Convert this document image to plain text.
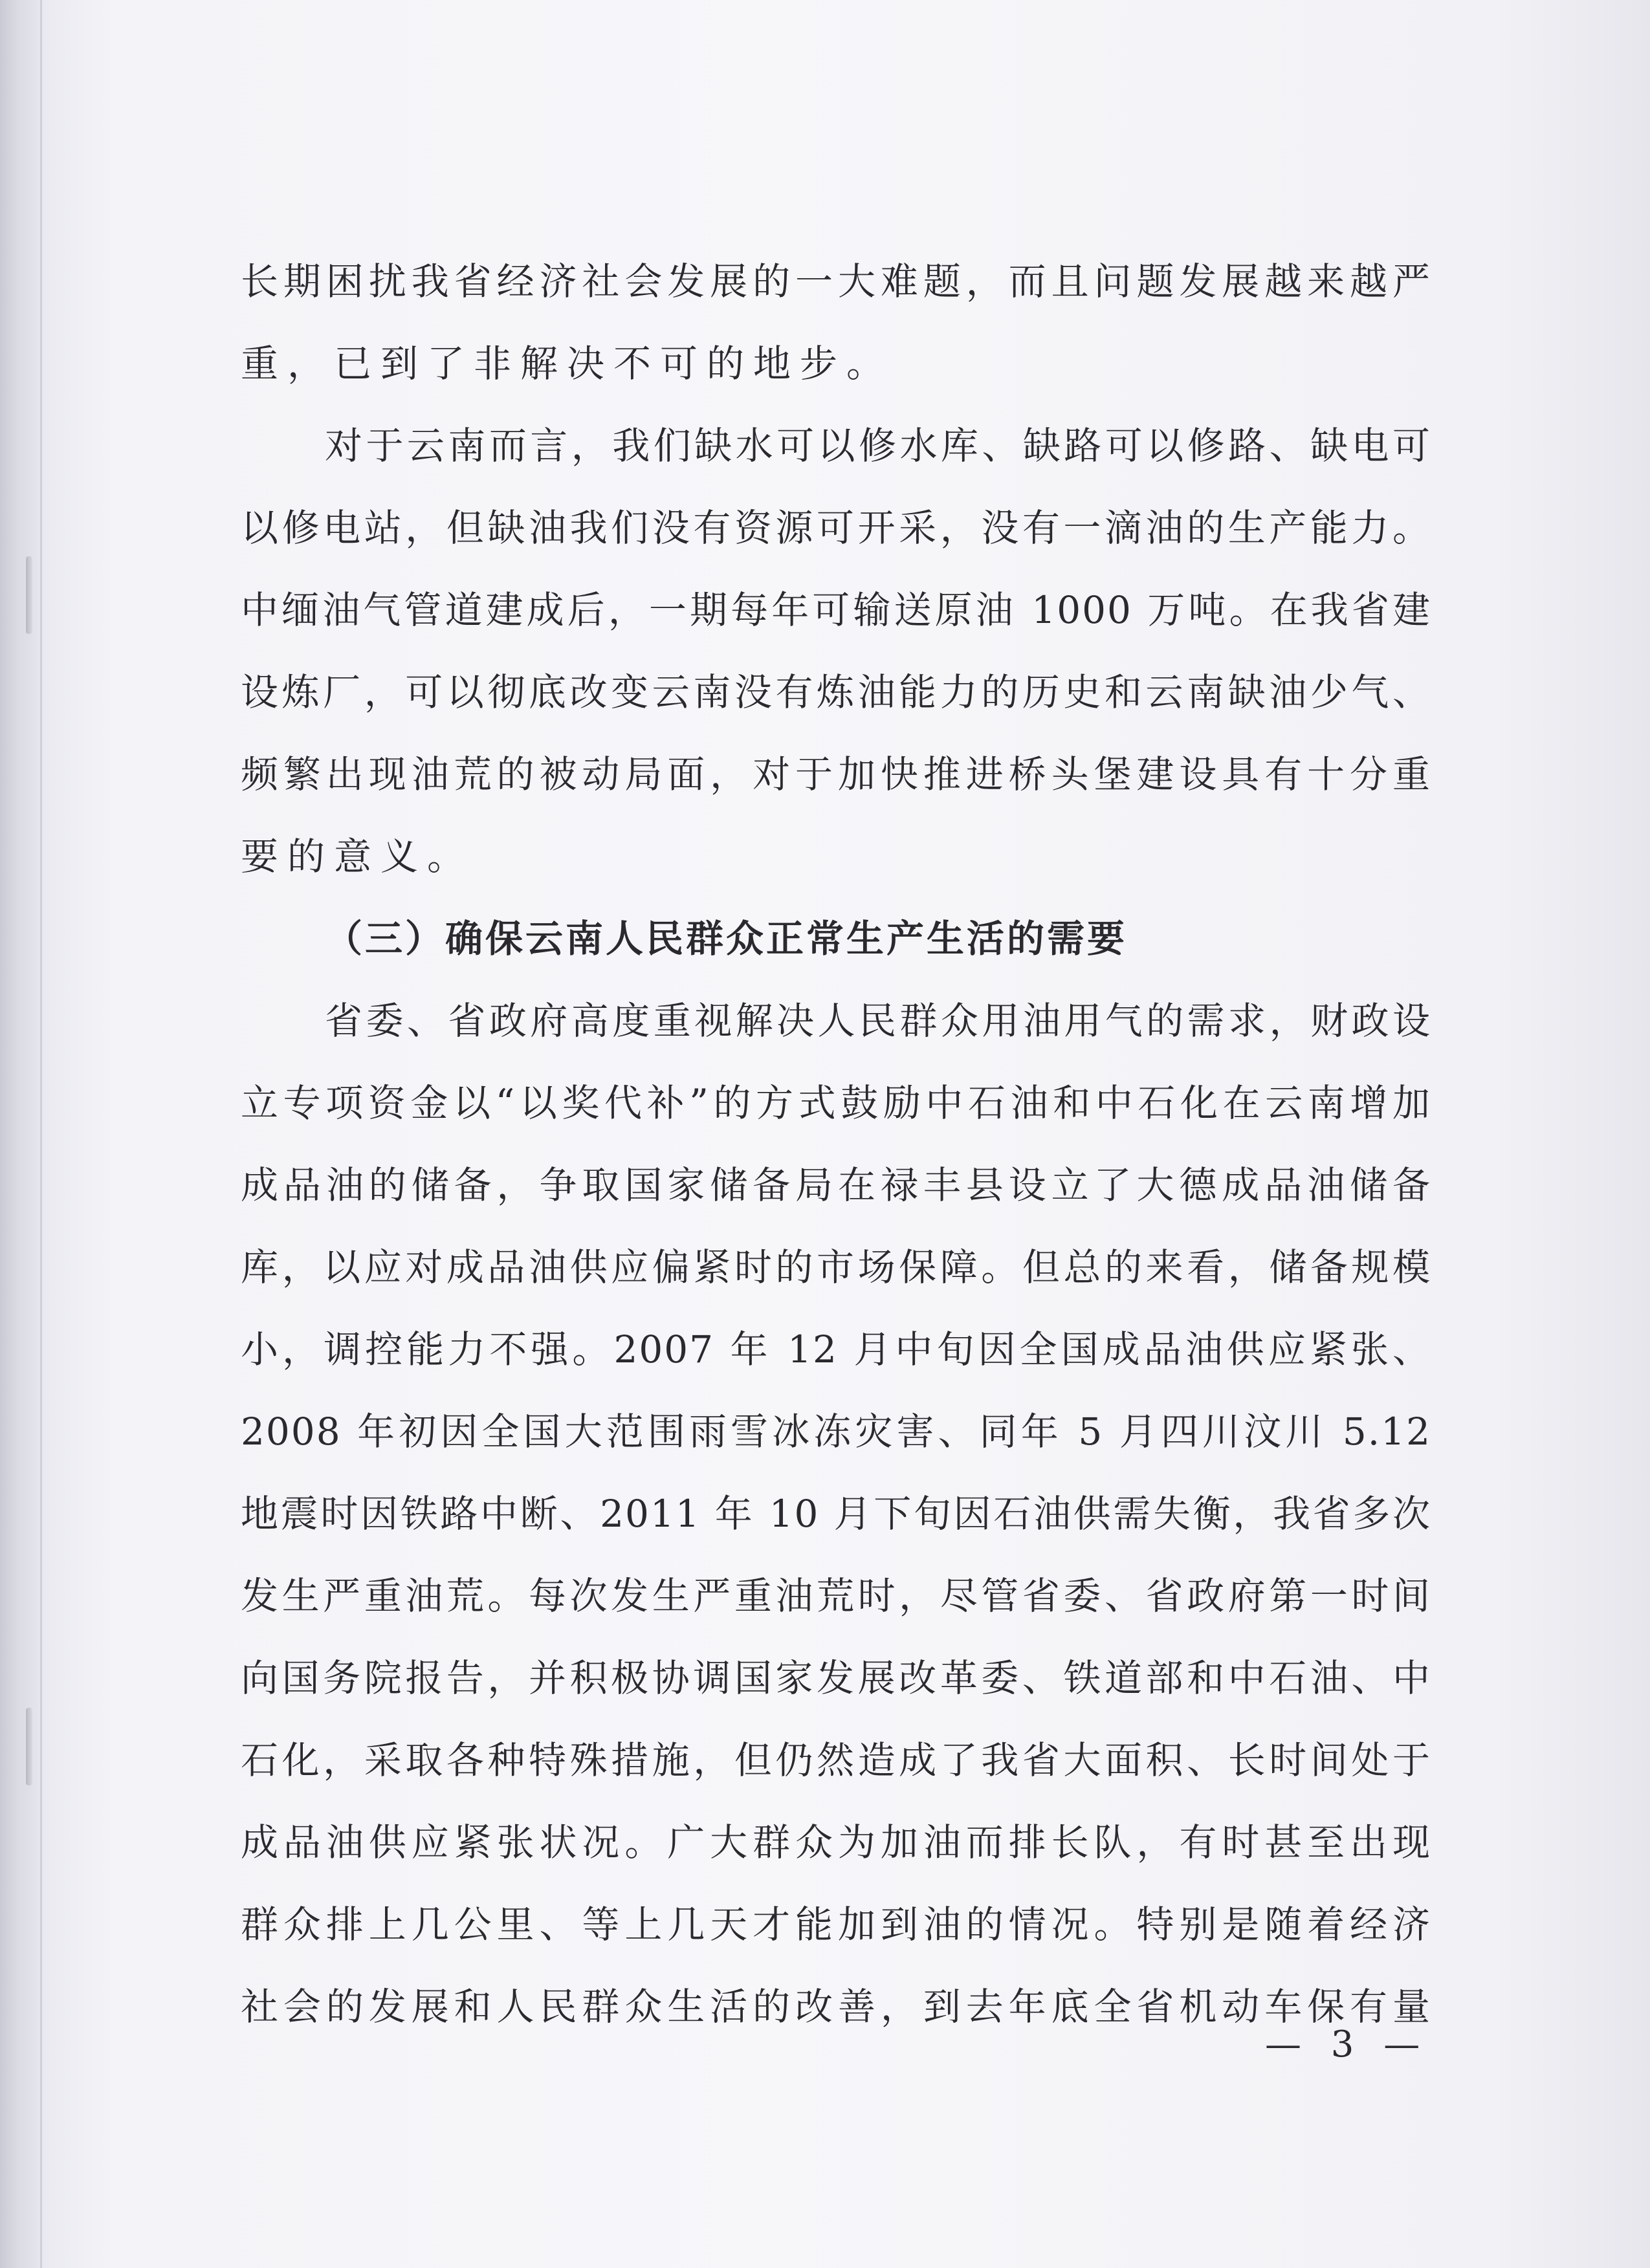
长期困扰我省经济社会发展的一大难题，而且问题发展越来越严
重，已到了非解决不可的地步。
对于云南而言，我们缺水可以修水库、缺路可以修路、缺电可
以修电站，但缺油我们没有资源可开采，没有一滴油的生产能力。
中缅油气管道建成后，一期每年可输送原油 1000 万吨。在我省建
设炼厂，可以彻底改变云南没有炼油能力的历史和云南缺油少气、
频繁出现油荒的被动局面，对于加快推进桥头堡建设具有十分重
要的意义。
（三）确保云南人民群众正常生产生活的需要
省委、省政府高度重视解决人民群众用油用气的需求，财政设
立专项资金以“以奖代补”的方式鼓励中石油和中石化在云南增加
成品油的储备，争取国家储备局在禄丰县设立了大德成品油储备
库，以应对成品油供应偏紧时的市场保障。但总的来看，储备规模
小，调控能力不强。2007 年 12 月中旬因全国成品油供应紧张、
2008 年初因全国大范围雨雪冰冻灾害、同年 5 月四川汶川 5.12
地震时因铁路中断、2011 年 10 月下旬因石油供需失衡，我省多次
发生严重油荒。每次发生严重油荒时，尽管省委、省政府第一时间
向国务院报告，并积极协调国家发展改革委、铁道部和中石油、中
石化，采取各种特殊措施，但仍然造成了我省大面积、长时间处于
成品油供应紧张状况。广大群众为加油而排长队，有时甚至出现
群众排上几公里、等上几天才能加到油的情况。特别是随着经济
社会的发展和人民群众生活的改善，到去年底全省机动车保有量
— 3 —
